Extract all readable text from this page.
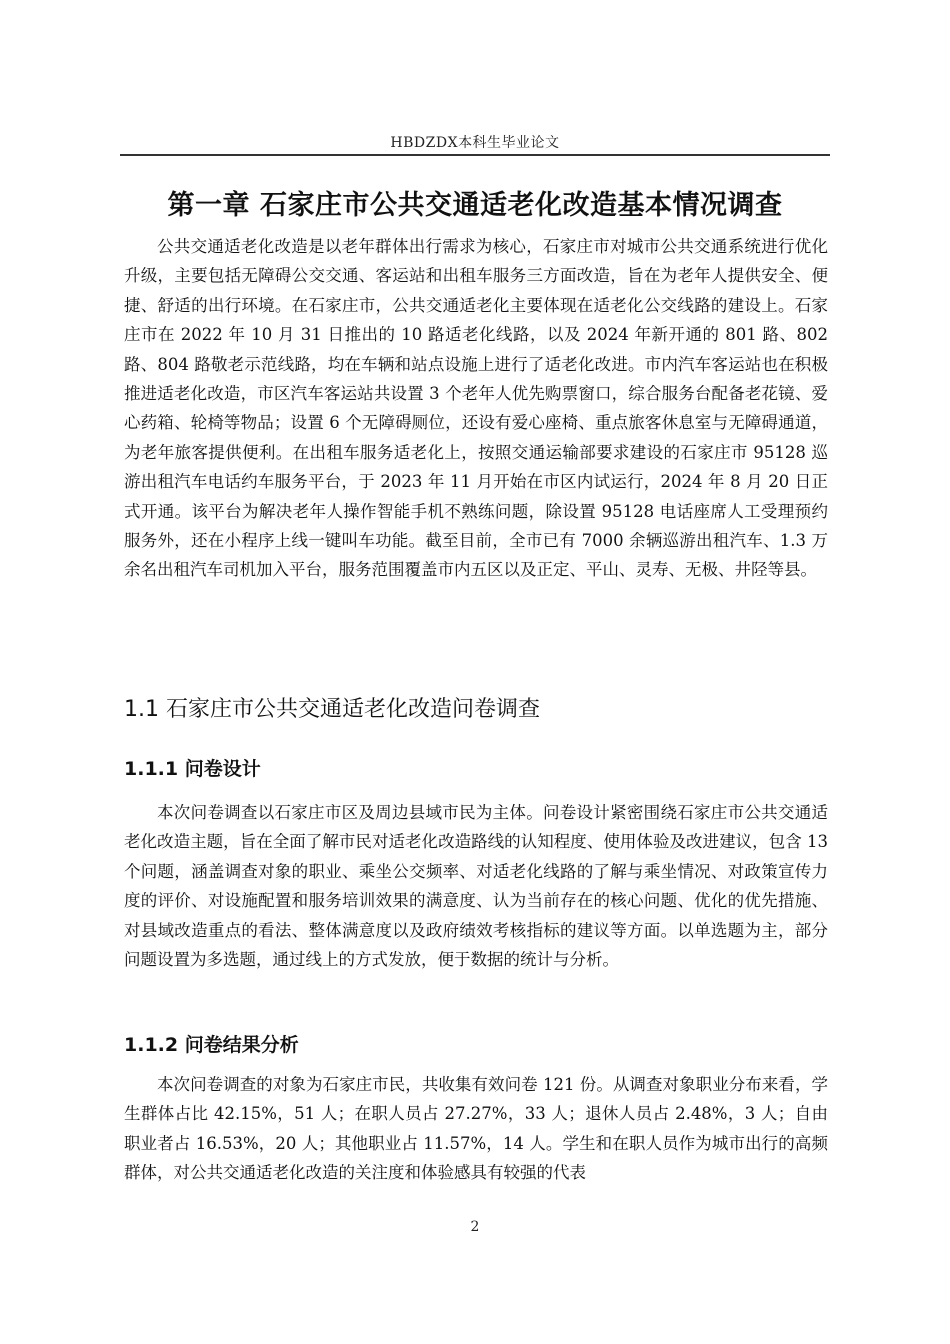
HBDZDX本科生毕业论文
第一章 石家庄市公共交通适老化改造基本情况调查

公共交通适老化改造是以老年群体出行需求为核心，石家庄市对城市公共交通系统进行优化升级，主要包括无障碍公交交通、客运站和出租车服务三方面改造，旨在为老年人提供安全、便捷、舒适的出行环境。在石家庄市，公共交通适老化主要体现在适老化公交线路的建设上。石家庄市在 2022 年 10 月 31 日推出的 10 路适老化线路，以及 2024 年新开通的 801 路、802 路、804 路敬老示范线路，均在车辆和站点设施上进行了适老化改进。市内汽车客运站也在积极推进适老化改造，市区汽车客运站共设置 3 个老年人优先购票窗口，综合服务台配备老花镜、爱心药箱、轮椅等物品；设置 6 个无障碍厕位，还设有爱心座椅、重点旅客休息室与无障碍通道，为老年旅客提供便利。在出租车服务适老化上，按照交通运输部要求建设的石家庄市 95128 巡游出租汽车电话约车服务平台，于 2023 年 11 月开始在市区内试运行，2024 年 8 月 20 日正式开通。该平台为解决老年人操作智能手机不熟练问题，除设置 95128 电话座席人工受理预约服务外，还在小程序上线一键叫车功能。截至目前，全市已有 7000 余辆巡游出租汽车、1.3 万余名出租汽车司机加入平台，服务范围覆盖市内五区以及正定、平山、灵寿、无极、井陉等县。

1.1 石家庄市公共交通适老化改造问卷调查
1.1.1 问卷设计

本次问卷调查以石家庄市区及周边县域市民为主体。问卷设计紧密围绕石家庄市公共交通适老化改造主题，旨在全面了解市民对适老化改造路线的认知程度、使用体验及改进建议，包含 13 个问题，涵盖调查对象的职业、乘坐公交频率、对适老化线路的了解与乘坐情况、对政策宣传力度的评价、对设施配置和服务培训效果的满意度、认为当前存在的核心问题、优化的优先措施、对县域改造重点的看法、整体满意度以及政府绩效考核指标的建议等方面。以单选题为主，部分问题设置为多选题，通过线上的方式发放，便于数据的统计与分析。

1.1.2 问卷结果分析

本次问卷调查的对象为石家庄市民，共收集有效问卷 121 份。从调查对象职业分布来看，学生群体占比 42.15%，51 人；在职人员占 27.27%，33 人；退休人员占 2.48%，3 人；自由职业者占 16.53%，20 人；其他职业占 11.57%，14 人。学生和在职人员作为城市出行的高频群体，对公共交通适老化改造的关注度和体验感具有较强的代表

2
